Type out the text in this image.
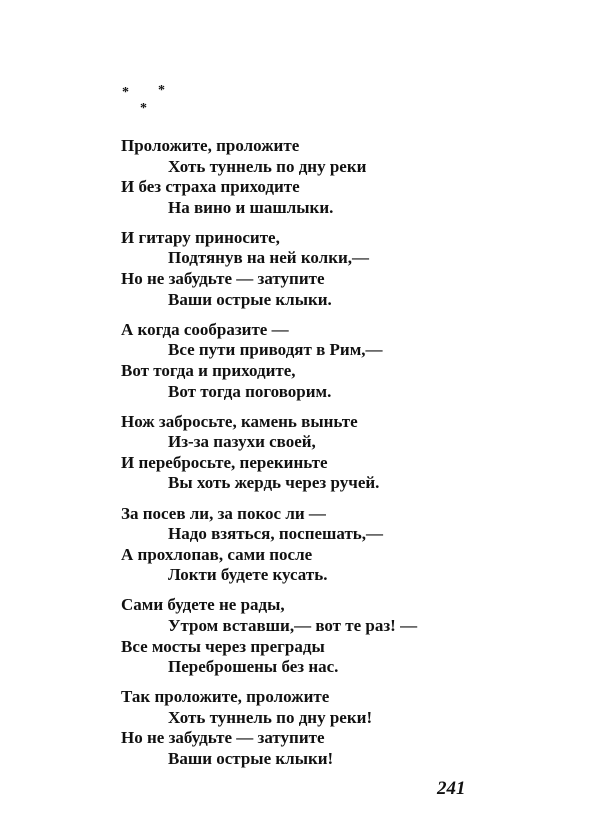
* *
*
Проложите, проложите
Хоть туннель по дну реки
И без страха приходите
На вино и шашлыки.
И гитару приносите,
Подтянув на ней колки,—
Но не забудьте — затупите
Ваши острые клыки.
А когда сообразите —
Все пути приводят в Рим,—
Вот тогда и приходите,
Вот тогда поговорим.
Нож забросьте, камень выньте
Из-за пазухи своей,
И перебросьте, перекиньте
Вы хоть жердь через ручей.
За посев ли, за покос ли —
Надо взяться, поспешать,—
А прохлопав, сами после
Локти будете кусать.
Сами будете не рады,
Утром вставши,— вот те раз! —
Все мосты через преграды
Переброшены без нас.
Так проложите, проложите
Хоть туннель по дну реки!
Но не забудьте — затупите
Ваши острые клыки!
241
